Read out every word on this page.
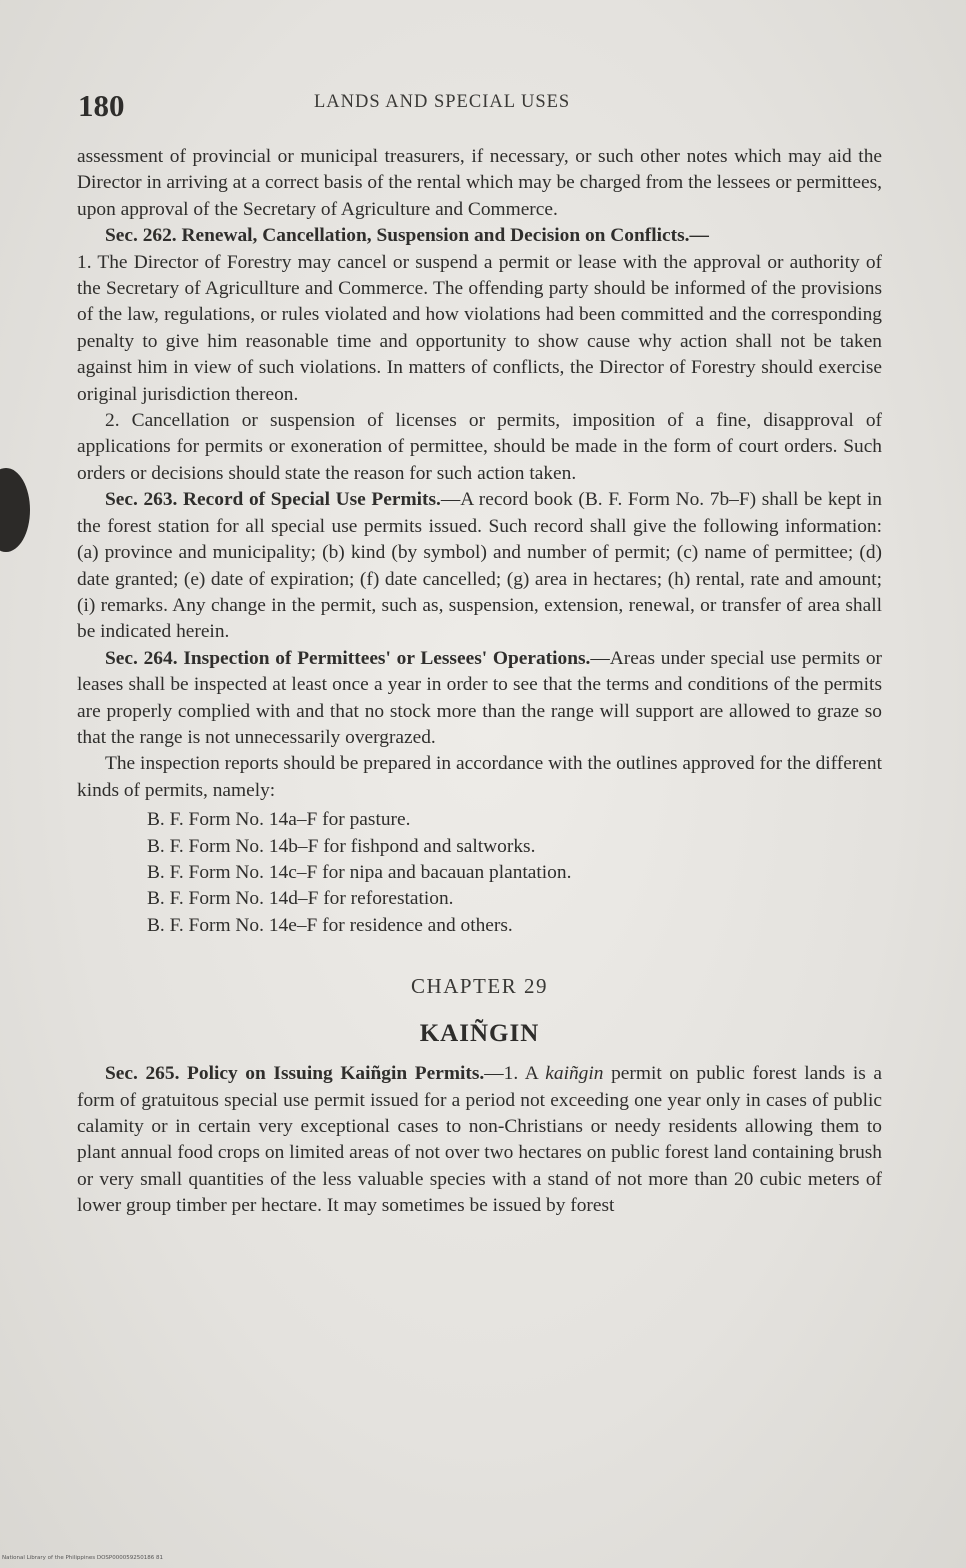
180	LANDS AND SPECIAL USES

assessment of provincial or municipal treasurers, if necessary, or such other notes which may aid the Director in arriving at a correct basis of the rental which may be charged from the lessees or permittees, upon approval of the Secretary of Agriculture and Commerce.

Sec. 262. Renewal, Cancellation, Suspension and Decision on Conflicts.—

1. The Director of Forestry may cancel or suspend a permit or lease with the approval or authority of the Secretary of Agricullture and Commerce. The offending party should be informed of the provisions of the law, regulations, or rules violated and how violations had been committed and the corresponding penalty to give him reasonable time and opportunity to show cause why action shall not be taken against him in view of such violations. In matters of conflicts, the Director of Forestry should exercise original jurisdiction thereon.

2. Cancellation or suspension of licenses or permits, imposition of a fine, disapproval of applications for permits or exoneration of permittee, should be made in the form of court orders. Such orders or decisions should state the reason for such action taken.

Sec. 263. Record of Special Use Permits.—A record book (B. F. Form No. 7b–F) shall be kept in the forest station for all special use permits issued. Such record shall give the following information: (a) province and municipality; (b) kind (by symbol) and number of permit; (c) name of permittee; (d) date granted; (e) date of expiration; (f) date cancelled; (g) area in hectares; (h) rental, rate and amount; (i) remarks. Any change in the permit, such as, suspension, extension, renewal, or transfer of area shall be indicated herein.

Sec. 264. Inspection of Permittees' or Lessees' Operations.—Areas under special use permits or leases shall be inspected at least once a year in order to see that the terms and conditions of the permits are properly complied with and that no stock more than the range will support are allowed to graze so that the range is not unnecessarily overgrazed.

The inspection reports should be prepared in accordance with the outlines approved for the different kinds of permits, namely:

B. F. Form No. 14a–F for pasture.
B. F. Form No. 14b–F for fishpond and saltworks.
B. F. Form No. 14c–F for nipa and bacauan plantation.
B. F. Form No. 14d–F for reforestation.
B. F. Form No. 14e–F for residence and others.
CHAPTER 29
KAIÑGIN

Sec. 265. Policy on Issuing Kaiñgin Permits.—1. A kaiñgin permit on public forest lands is a form of gratuitous special use permit issued for a period not exceeding one year only in cases of public calamity or in certain very exceptional cases to non-Christians or needy residents allowing them to plant annual food crops on limited areas of not over two hectares on public forest land containing brush or very small quantities of the less valuable species with a stand of not more than 20 cubic meters of lower group timber per hectare. It may sometimes be issued by forest

National Library of the Philippines DOSP000059250186 81
